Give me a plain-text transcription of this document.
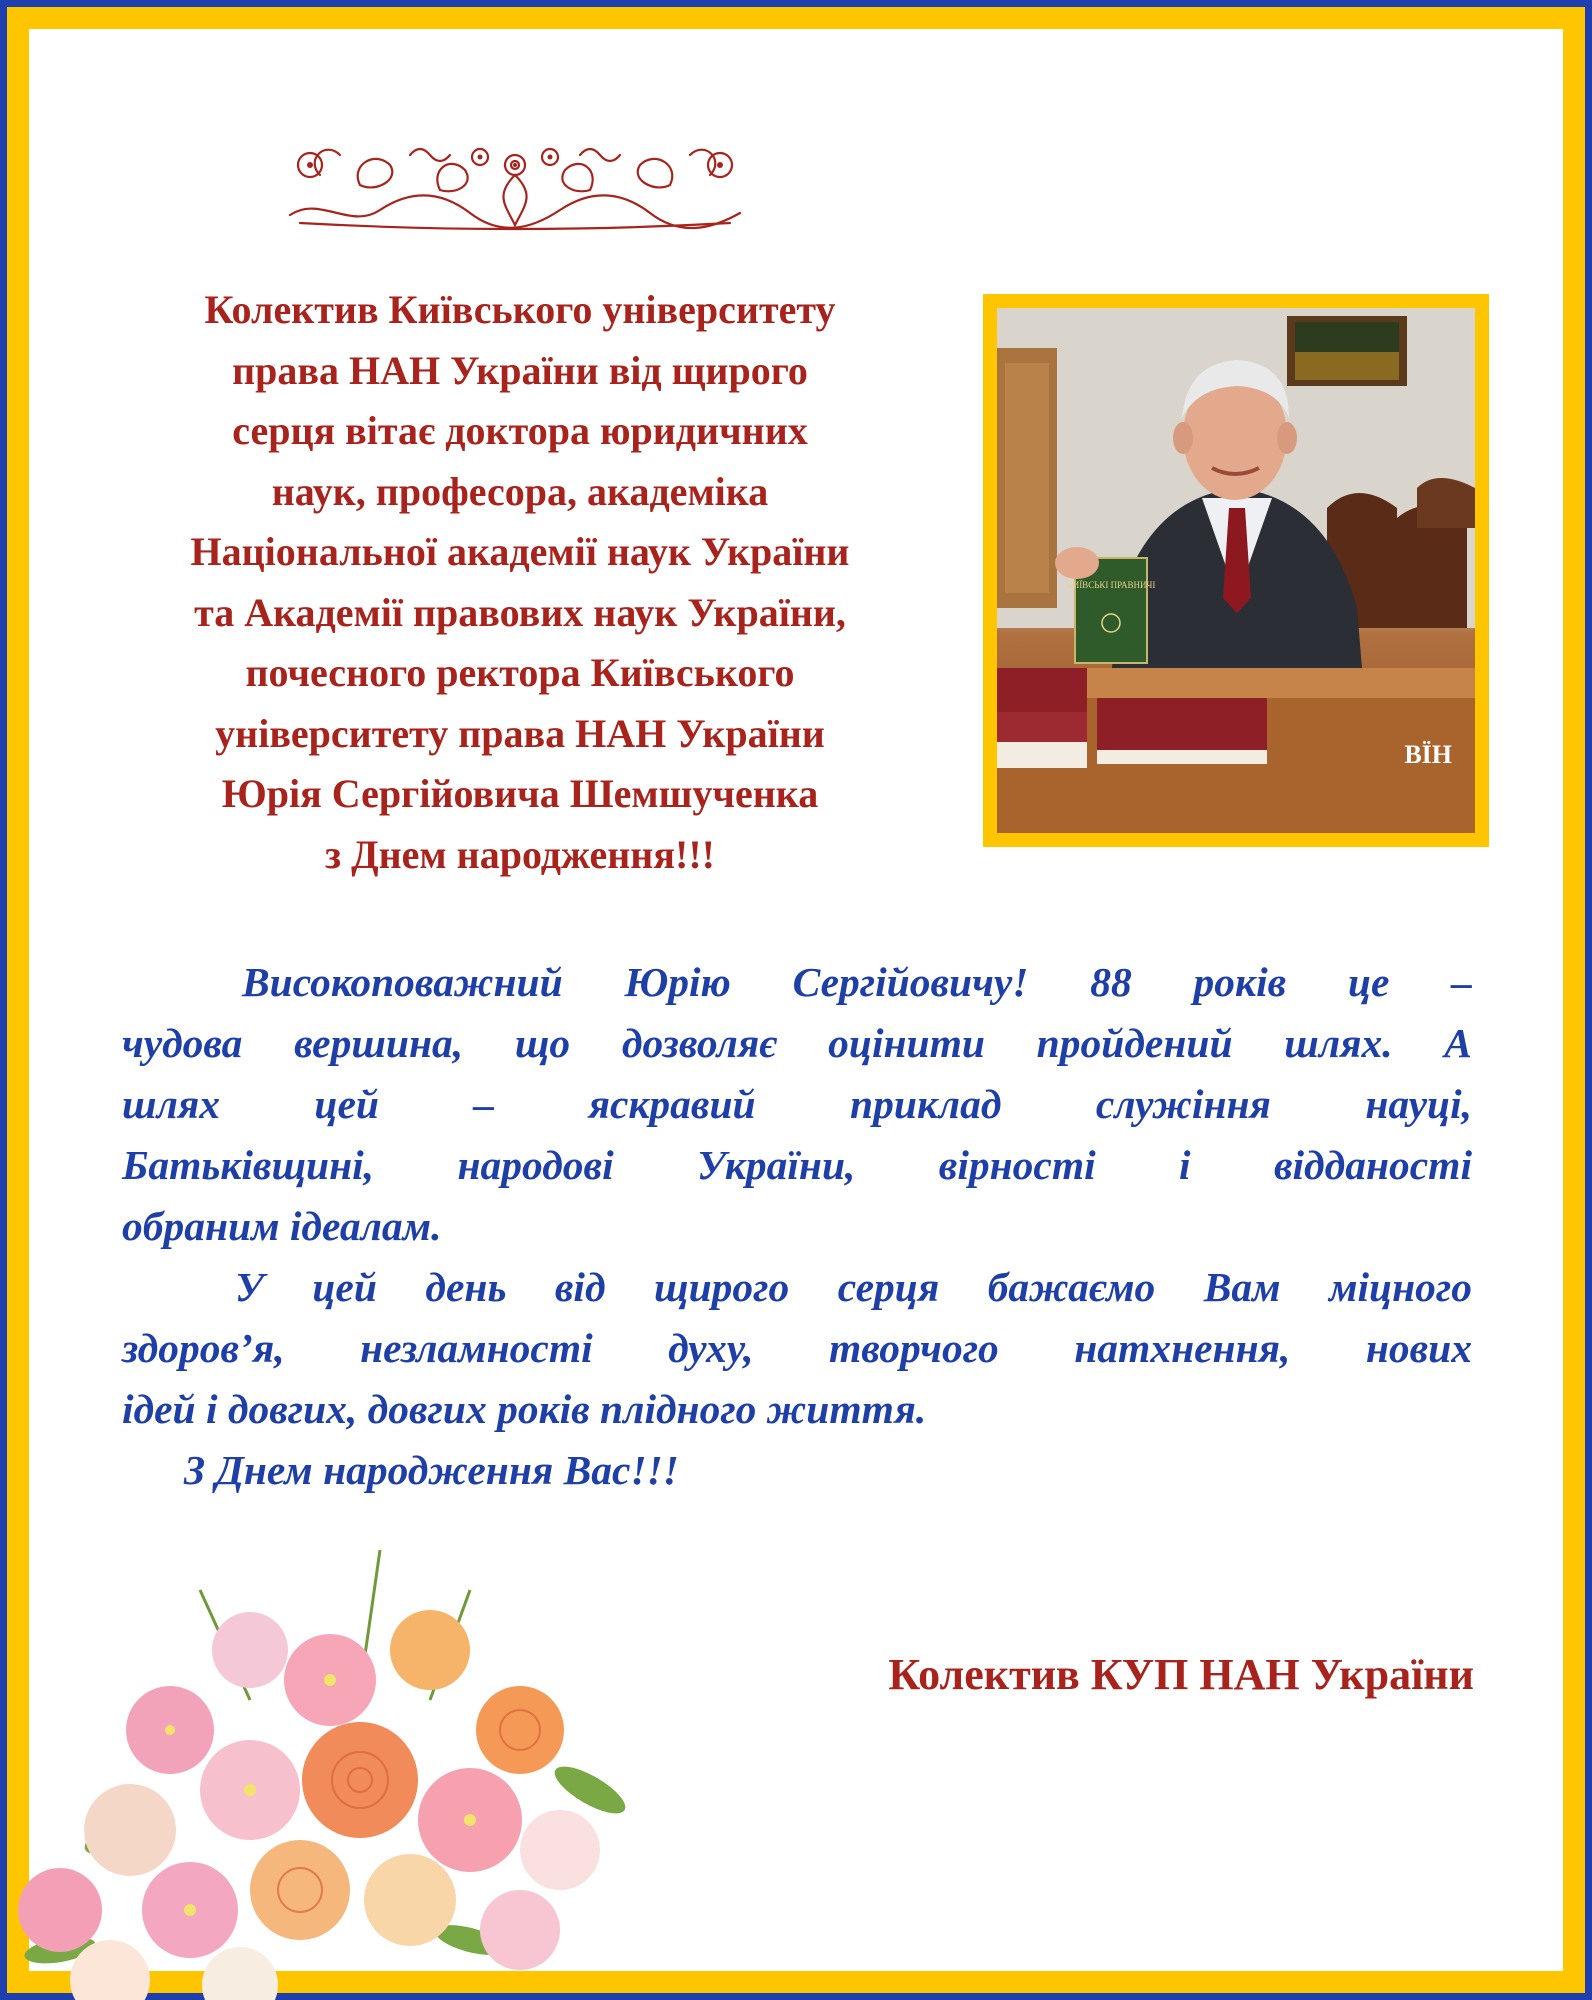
Колектив Київського університету
права НАН України від щирого
серця вітає доктора юридичних
наук, професора, академіка
Національної академії наук України
та Академії правових наук України,
почесного ректора Київського
університету права НАН України
Юрія Сергійовича Шемшученка
з Днем народження!!!
КИЇВСЬКІ ПРАВНИЧІ
ВЇН
Високоповажний Юрію Сергійовичу! 88 років це –
чудова вершина, що дозволяє оцінити пройдений шлях. А
шлях цей – яскравий приклад служіння науці,
Батьківщині, народові України, вірності і відданості
обраним ідеалам.
У цей день від щирого серця бажаємо Вам міцного
здоров’я, незламності духу, творчого натхнення, нових
ідей і довгих, довгих років плідного життя.
З Днем народження Вас!!!
Колектив КУП НАН України
